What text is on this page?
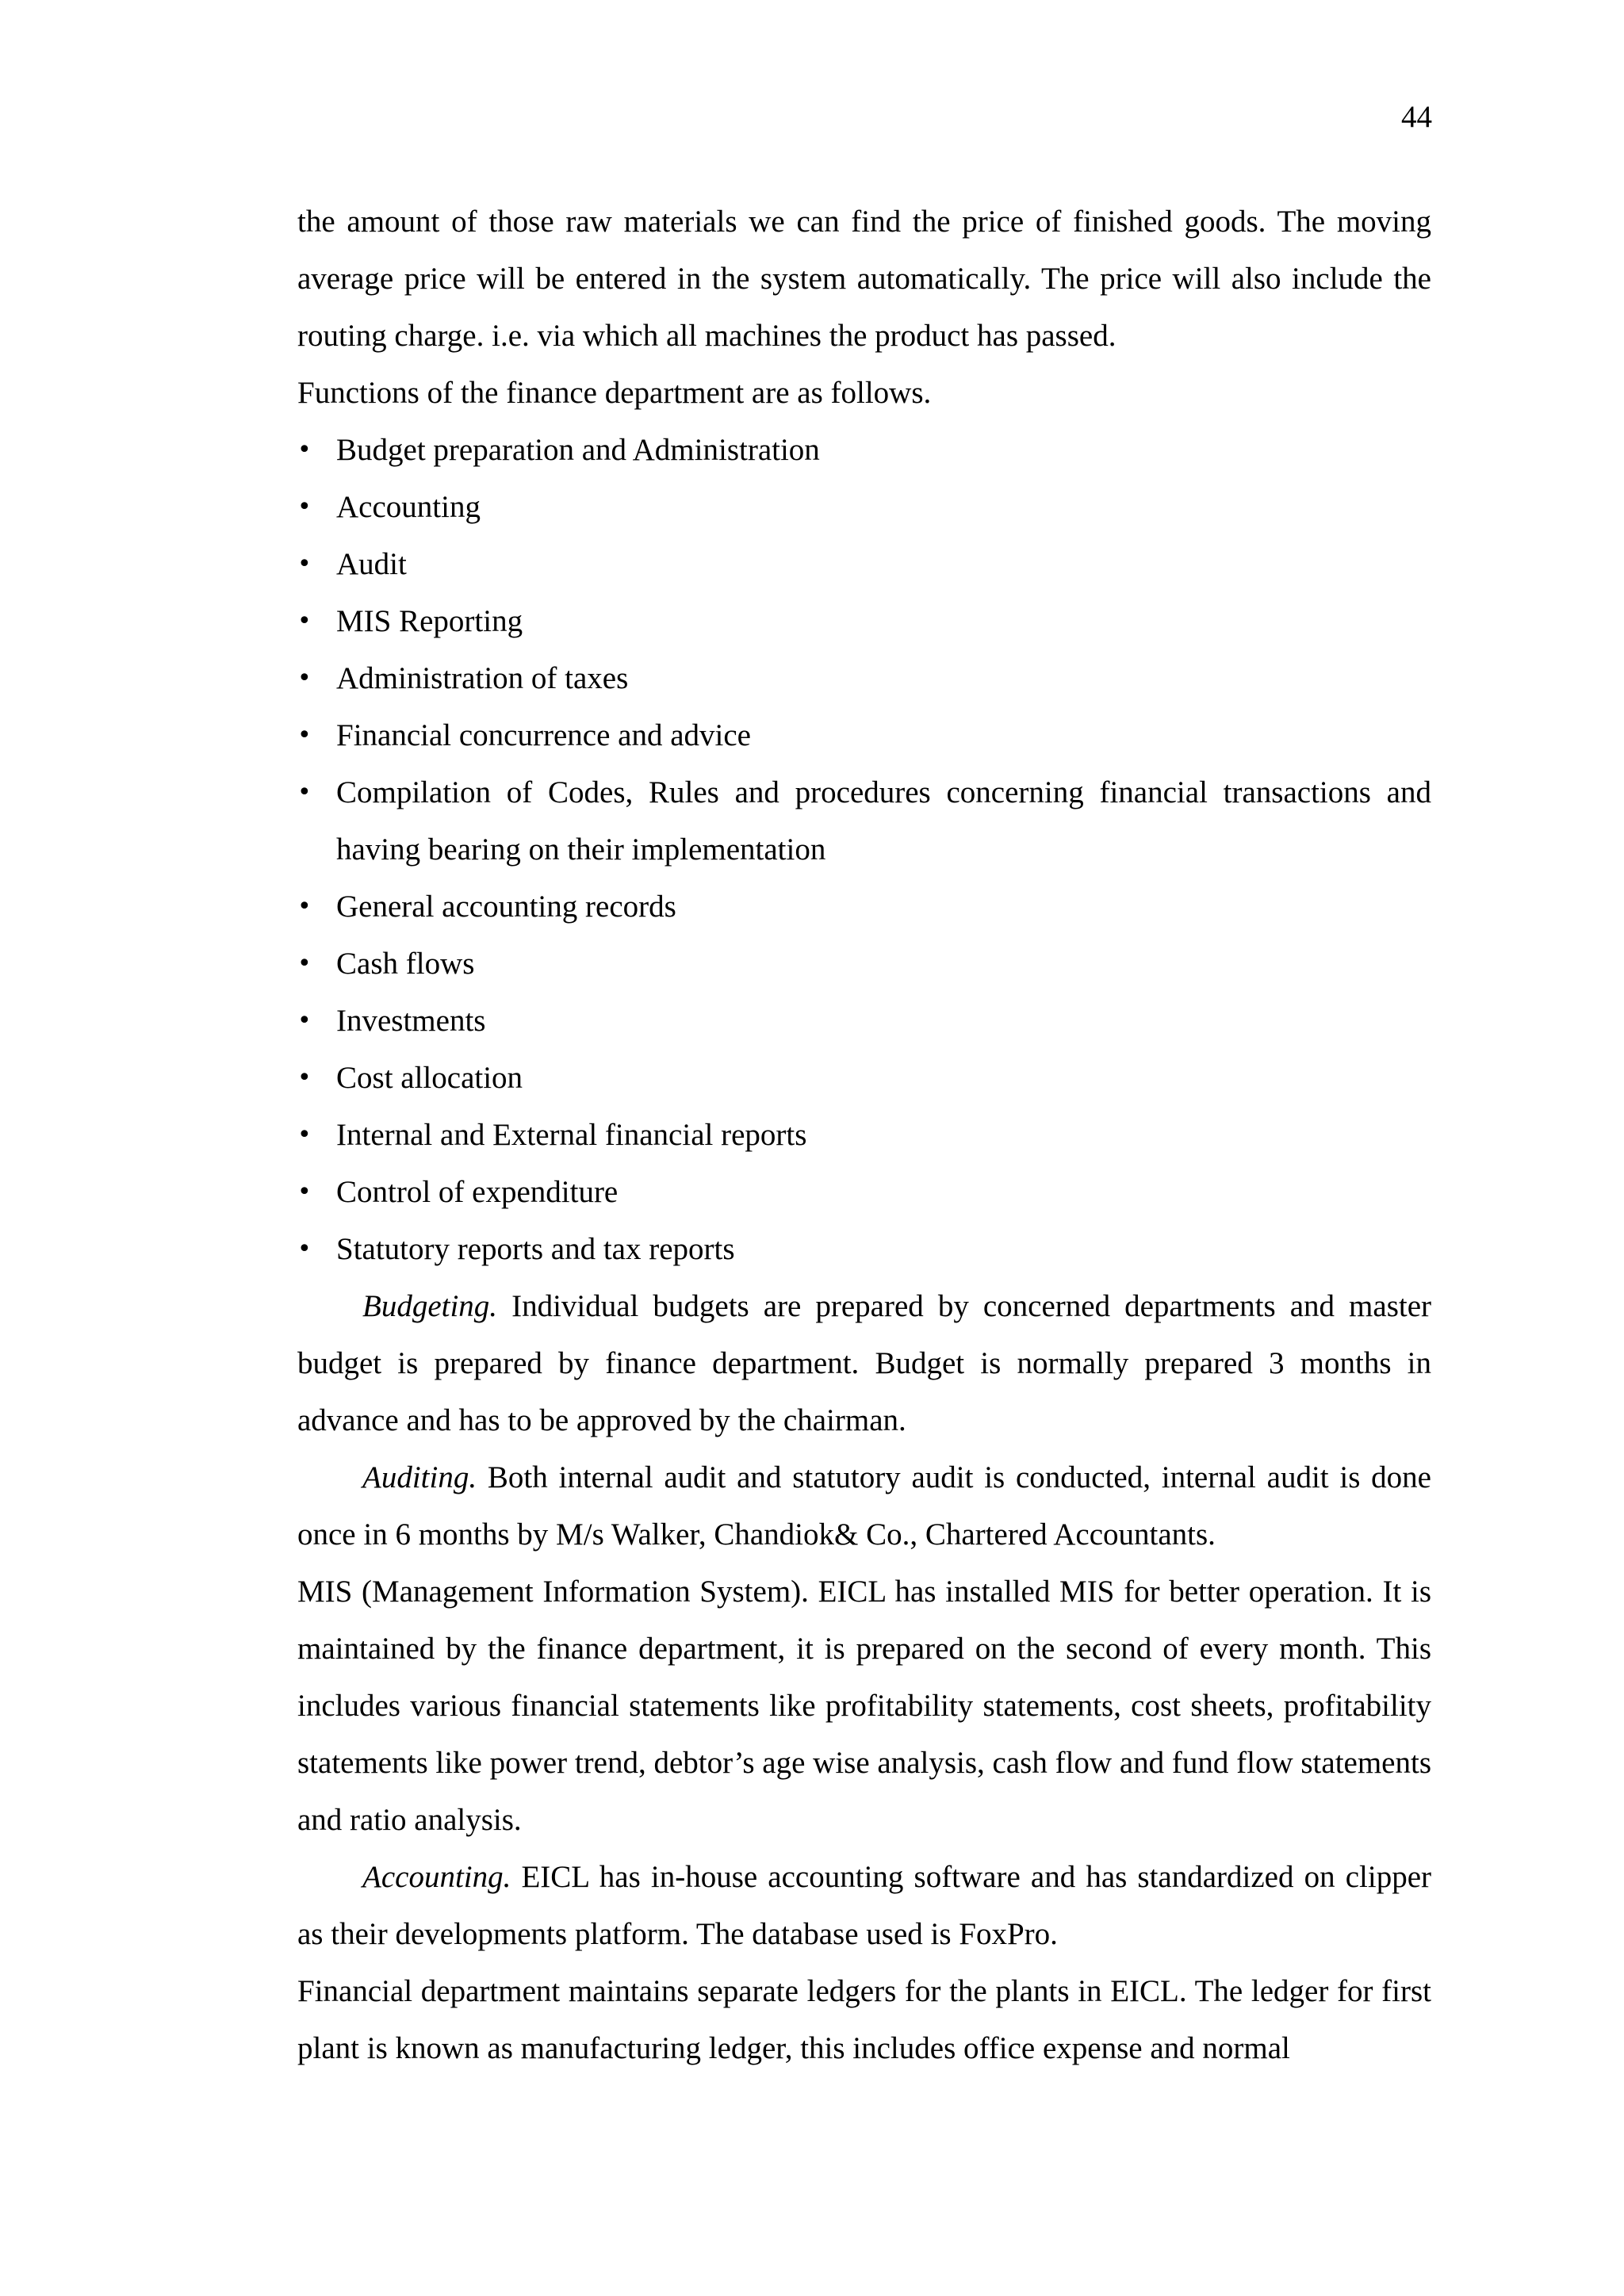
44

the amount of those raw materials we can find the price of finished goods. The moving average price will be entered in the system automatically. The price will also include the routing charge. i.e. via which all machines the product has passed.

Functions of the finance department are as follows.

• Budget preparation and Administration
• Accounting
• Audit
• MIS Reporting
• Administration of taxes
• Financial concurrence and advice
• Compilation of Codes, Rules and procedures concerning financial transactions and having bearing on their implementation
• General accounting records
• Cash flows
• Investments
• Cost allocation
• Internal and External financial reports
• Control of expenditure
• Statutory reports and tax reports

Budgeting. Individual budgets are prepared by concerned departments and master budget is prepared by finance department. Budget is normally prepared 3 months in advance and has to be approved by the chairman.

Auditing. Both internal audit and statutory audit is conducted, internal audit is done once in 6 months by M/s Walker, Chandiok& Co., Chartered Accountants.

MIS (Management Information System). EICL has installed MIS for better operation. It is maintained by the finance department, it is prepared on the second of every month. This includes various financial statements like profitability statements, cost sheets, profitability statements like power trend, debtor’s age wise analysis, cash flow and fund flow statements and ratio analysis.

Accounting. EICL has in-house accounting software and has standardized on clipper as their developments platform. The database used is FoxPro.

Financial department maintains separate ledgers for the plants in EICL. The ledger for first plant is known as manufacturing ledger, this includes office expense and normal
